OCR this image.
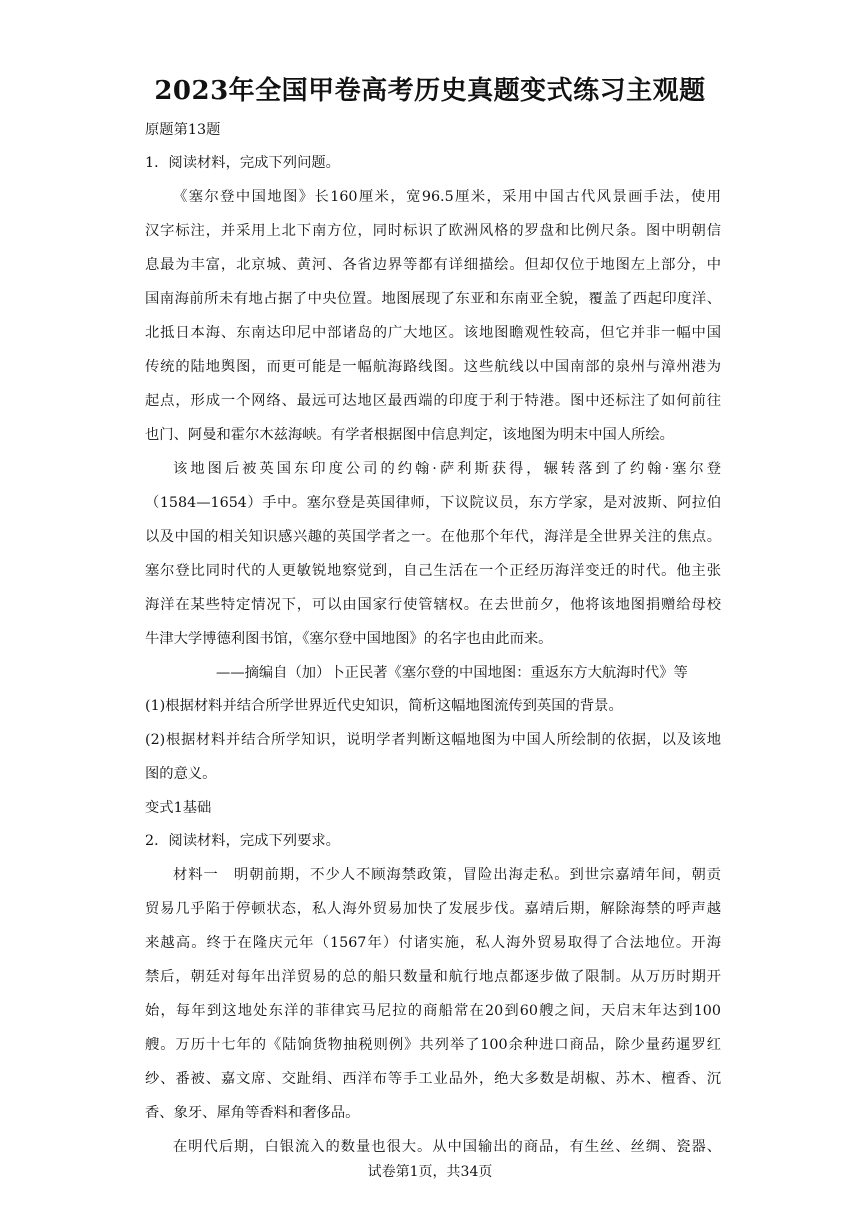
2023年全国甲卷高考历史真题变式练习主观题
原题第13题
1．阅读材料，完成下列问题。
《塞尔登中国地图》长160厘米，宽96.5厘米，采用中国古代风景画手法，使用
汉字标注，并采用上北下南方位，同时标识了欧洲风格的罗盘和比例尺条。图中明朝信
息最为丰富，北京城、黄河、各省边界等都有详细描绘。但却仅位于地图左上部分，中
国南海前所未有地占据了中央位置。地图展现了东亚和东南亚全貌，覆盖了西起印度洋、
北抵日本海、东南达印尼中部诸岛的广大地区。该地图瞻观性较高，但它并非一幅中国
传统的陆地舆图，而更可能是一幅航海路线图。这些航线以中国南部的泉州与漳州港为
起点，形成一个网络、最远可达地区最西端的印度于利于特港。图中还标注了如何前往
也门、阿曼和霍尔木兹海峡。有学者根据图中信息判定，该地图为明末中国人所绘。
该地图后被英国东印度公司的约翰·萨利斯获得，辗转落到了约翰·塞尔登
（1584—1654）手中。塞尔登是英国律师，下议院议员，东方学家，是对波斯、阿拉伯
以及中国的相关知识感兴趣的英国学者之一。在他那个年代，海洋是全世界关注的焦点。
塞尔登比同时代的人更敏锐地察觉到，自己生活在一个正经历海洋变迁的时代。他主张
海洋在某些特定情况下，可以由国家行使管辖权。在去世前夕，他将该地图捐赠给母校
牛津大学博德利图书馆，《塞尔登中国地图》的名字也由此而来。
——摘编自（加）卜正民著《塞尔登的中国地图：重返东方大航海时代》等
(1)根据材料并结合所学世界近代史知识，简析这幅地图流传到英国的背景。
(2)根据材料并结合所学知识，说明学者判断这幅地图为中国人所绘制的依据，以及该地
图的意义。
变式1基础
2．阅读材料，完成下列要求。
材料一　明朝前期，不少人不顾海禁政策，冒险出海走私。到世宗嘉靖年间，朝贡
贸易几乎陷于停顿状态，私人海外贸易加快了发展步伐。嘉靖后期，解除海禁的呼声越
来越高。终于在隆庆元年（1567年）付诸实施，私人海外贸易取得了合法地位。开海
禁后，朝廷对每年出洋贸易的总的船只数量和航行地点都逐步做了限制。从万历时期开
始，每年到这地处东洋的菲律宾马尼拉的商船常在20到60艘之间，天启末年达到100
艘。万历十七年的《陆饷货物抽税则例》共列举了100余种进口商品，除少量药暹罗红
纱、番被、嘉文席、交趾绢、西洋布等手工业品外，绝大多数是胡椒、苏木、檀香、沉
香、象牙、犀角等香料和奢侈品。
在明代后期，白银流入的数量也很大。从中国输出的商品，有生丝、丝绸、瓷器、
试卷第1页，共34页
